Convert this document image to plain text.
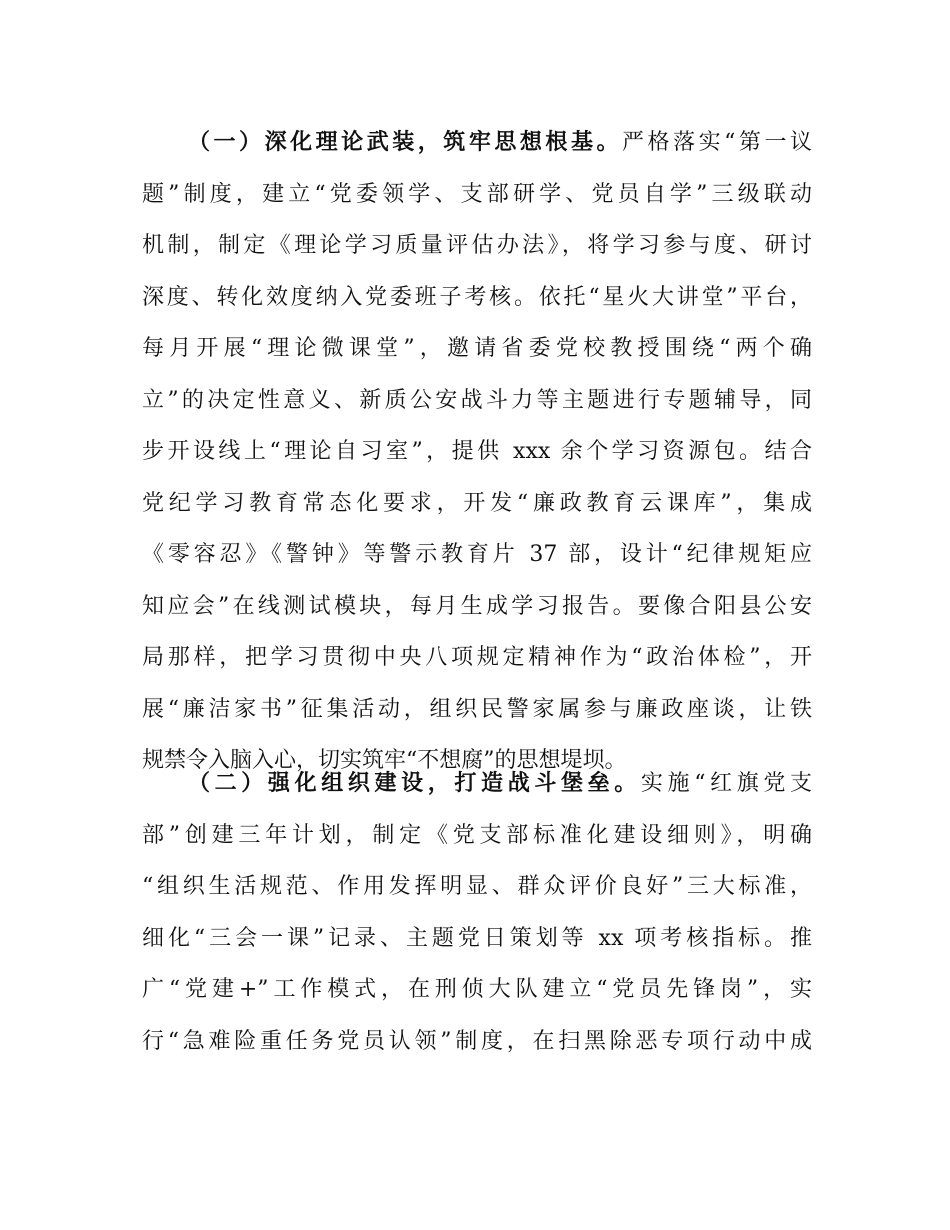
（一）深化理论武装，筑牢思想根基。严格落实“第一议
题”制度，建立“党委领学、支部研学、党员自学”三级联动
机制，制定《理论学习质量评估办法》，将学习参与度、研讨
深度、转化效度纳入党委班子考核。依托“星火大讲堂”平台，
每月开展“理论微课堂”，邀请省委党校教授围绕“两个确
立”的决定性意义、新质公安战斗力等主题进行专题辅导，同
步开设线上“理论自习室”，提供 xxx 余个学习资源包。结合
党纪学习教育常态化要求，开发“廉政教育云课库”，集成
《零容忍》《警钟》等警示教育片 37 部，设计“纪律规矩应
知应会”在线测试模块，每月生成学习报告。要像合阳县公安
局那样，把学习贯彻中央八项规定精神作为“政治体检”，开
展“廉洁家书”征集活动，组织民警家属参与廉政座谈，让铁
规禁令入脑入心，切实筑牢“不想腐”的思想堤坝。
（二）强化组织建设，打造战斗堡垒。实施“红旗党支
部”创建三年计划，制定《党支部标准化建设细则》，明确
“组织生活规范、作用发挥明显、群众评价良好”三大标准，
细化“三会一课”记录、主题党日策划等 xx 项考核指标。推
广“党建+”工作模式，在刑侦大队建立“党员先锋岗”，实
行“急难险重任务党员认领”制度，在扫黑除恶专项行动中成
